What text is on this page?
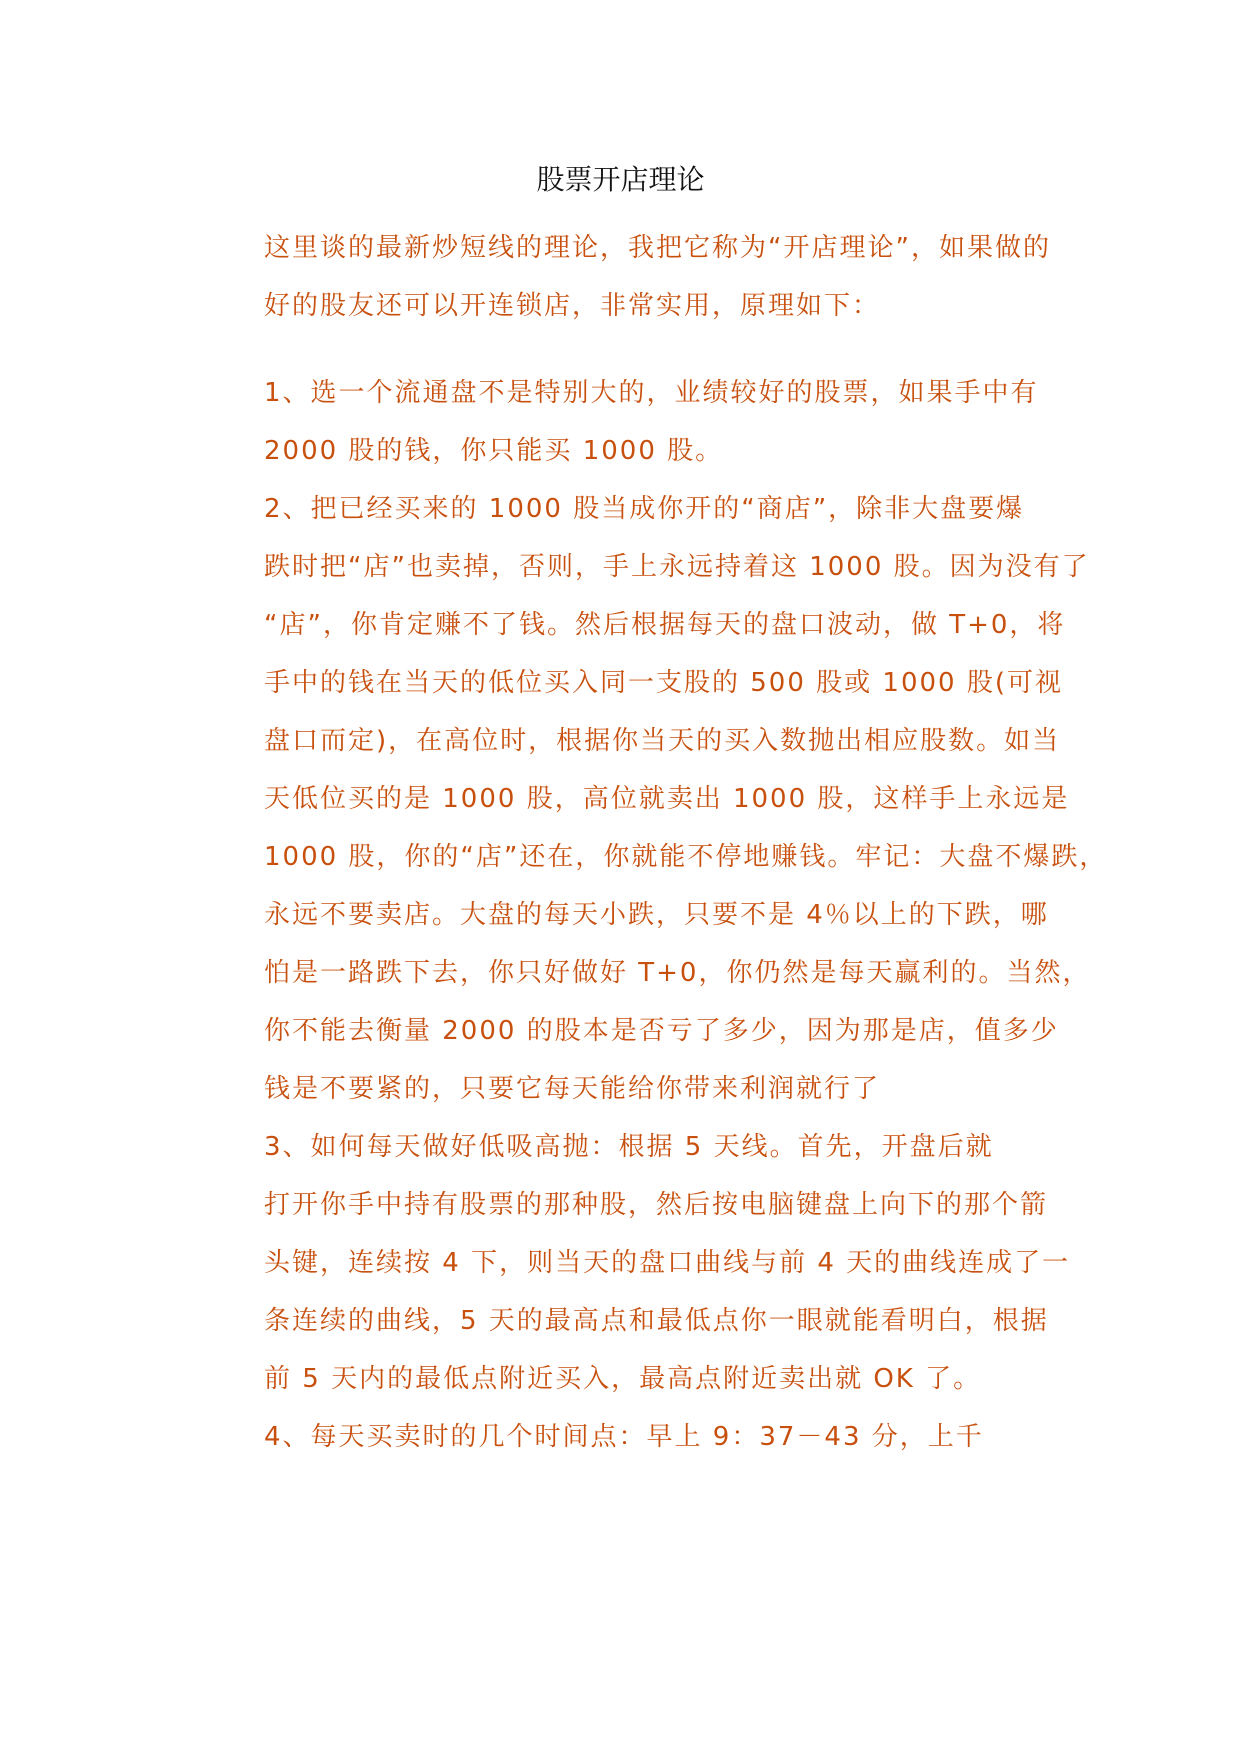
股票开店理论
这里谈的最新炒短线的理论，我把它称为“开店理论”，如果做的
好的股友还可以开连锁店，非常实用，原理如下：
1、选一个流通盘不是特别大的，业绩较好的股票，如果手中有
2000 股的钱，你只能买 1000 股。
2、把已经买来的 1000 股当成你开的“商店”，除非大盘要爆
跌时把“店”也卖掉，否则，手上永远持着这 1000 股。因为没有了
“店”，你肯定赚不了钱。然后根据每天的盘口波动，做 T+0，将
手中的钱在当天的低位买入同一支股的 500 股或 1000 股(可视
盘口而定)，在高位时，根据你当天的买入数抛出相应股数。如当
天低位买的是 1000 股，高位就卖出 1000 股，这样手上永远是
1000 股，你的“店”还在，你就能不停地赚钱。牢记：大盘不爆跌，
永远不要卖店。大盘的每天小跌，只要不是 4％以上的下跌，哪
怕是一路跌下去，你只好做好 T+0，你仍然是每天赢利的。当然，
你不能去衡量 2000 的股本是否亏了多少，因为那是店，值多少
钱是不要紧的，只要它每天能给你带来利润就行了
3、如何每天做好低吸高抛：根据 5 天线。首先，开盘后就
打开你手中持有股票的那种股，然后按电脑键盘上向下的那个箭
头键，连续按 4 下，则当天的盘口曲线与前 4 天的曲线连成了一
条连续的曲线，5 天的最高点和最低点你一眼就能看明白，根据
前 5 天内的最低点附近买入，最高点附近卖出就 OK 了。
4、每天买卖时的几个时间点：早上 9：37－43 分，上千
